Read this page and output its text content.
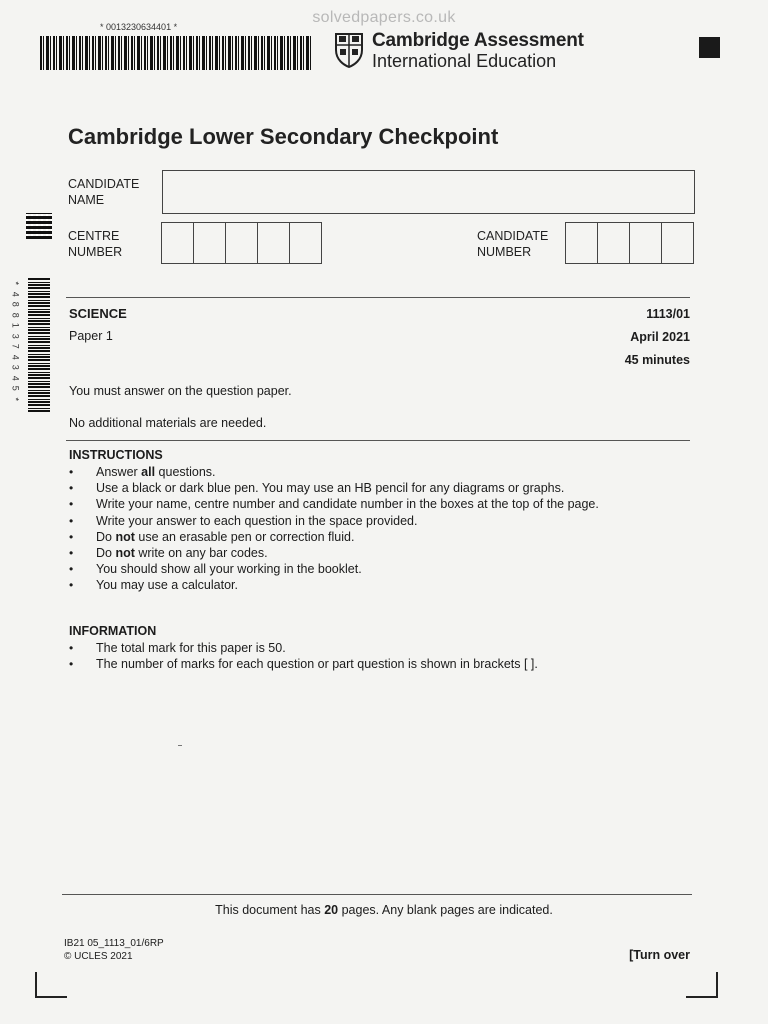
solvedpapers.co.uk
* 0013230634401 *
Cambridge Assessment
International Education
Cambridge Lower Secondary Checkpoint
CANDIDATE
NAME
CENTRE
NUMBER
CANDIDATE
NUMBER
*
4
8
8
1
3
7
4
3
4
5
*
SCIENCE
Paper 1
1113/01
April 2021
45 minutes
You must answer on the question paper.
No additional materials are needed.
INSTRUCTIONS
• Answer all questions.
• Use a black or dark blue pen. You may use an HB pencil for any diagrams or graphs.
• Write your name, centre number and candidate number in the boxes at the top of the page.
• Write your answer to each question in the space provided.
• Do not use an erasable pen or correction fluid.
• Do not write on any bar codes.
• You should show all your working in the booklet.
• You may use a calculator.
INFORMATION
• The total mark for this paper is 50.
• The number of marks for each question or part question is shown in brackets [ ].
This document has 20 pages. Any blank pages are indicated.
IB21 05_1113_01/6RP
© UCLES 2021	[Turn over
